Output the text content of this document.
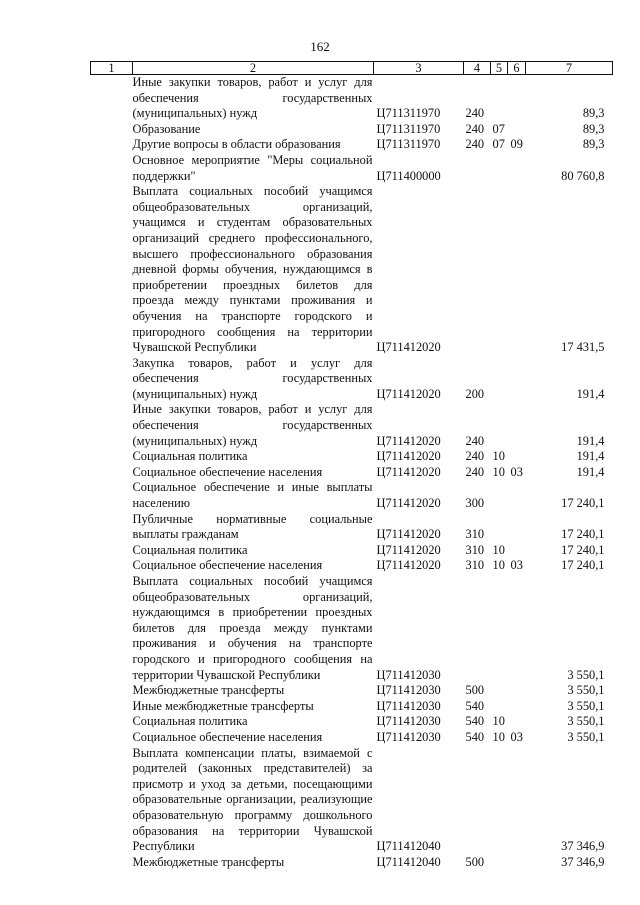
162
1	2	3	4	5	6	7
	Иные закупки товаров, работ и услуг для обеспечения государственных (муниципальных) нужд	Ц711311970	240			89,3
	Образование	Ц711311970	240	07		89,3
	Другие вопросы в области образования	Ц711311970	240	07	09	89,3
	Основное мероприятие "Меры социальной поддержки"	Ц711400000				80 760,8
	Выплата социальных пособий учащимся общеобразовательных организаций, учащимся и студентам образовательных организаций среднего профессионального, высшего профессионального образования дневной формы обучения, нуждающимся в приобретении проездных билетов для проезда между пунктами проживания и обучения на транспорте городского и пригородного сообщения на территории Чувашской Республики	Ц711412020				17 431,5
	Закупка товаров, работ и услуг для обеспечения государственных (муниципальных) нужд	Ц711412020	200			191,4
	Иные закупки товаров, работ и услуг для обеспечения государственных (муниципальных) нужд	Ц711412020	240			191,4
	Социальная политика	Ц711412020	240	10		191,4
	Социальное обеспечение населения	Ц711412020	240	10	03	191,4
	Социальное обеспечение и иные выплаты населению	Ц711412020	300			17 240,1
	Публичные нормативные социальные выплаты гражданам	Ц711412020	310			17 240,1
	Социальная политика	Ц711412020	310	10		17 240,1
	Социальное обеспечение населения	Ц711412020	310	10	03	17 240,1
	Выплата социальных пособий учащимся общеобразовательных организаций, нуждающимся в приобретении проездных билетов для проезда между пунктами проживания и обучения на транспорте городского и пригородного сообщения на территории Чувашской Республики	Ц711412030				3 550,1
	Межбюджетные трансферты	Ц711412030	500			3 550,1
	Иные межбюджетные трансферты	Ц711412030	540			3 550,1
	Социальная политика	Ц711412030	540	10		3 550,1
	Социальное обеспечение населения	Ц711412030	540	10	03	3 550,1
	Выплата компенсации платы, взимаемой с родителей (законных представителей) за присмотр и уход за детьми, посещающими образовательные организации, реализующие образовательную программу дошкольного образования на территории Чувашской Республики	Ц711412040				37 346,9
	Межбюджетные трансферты	Ц711412040	500			37 346,9
